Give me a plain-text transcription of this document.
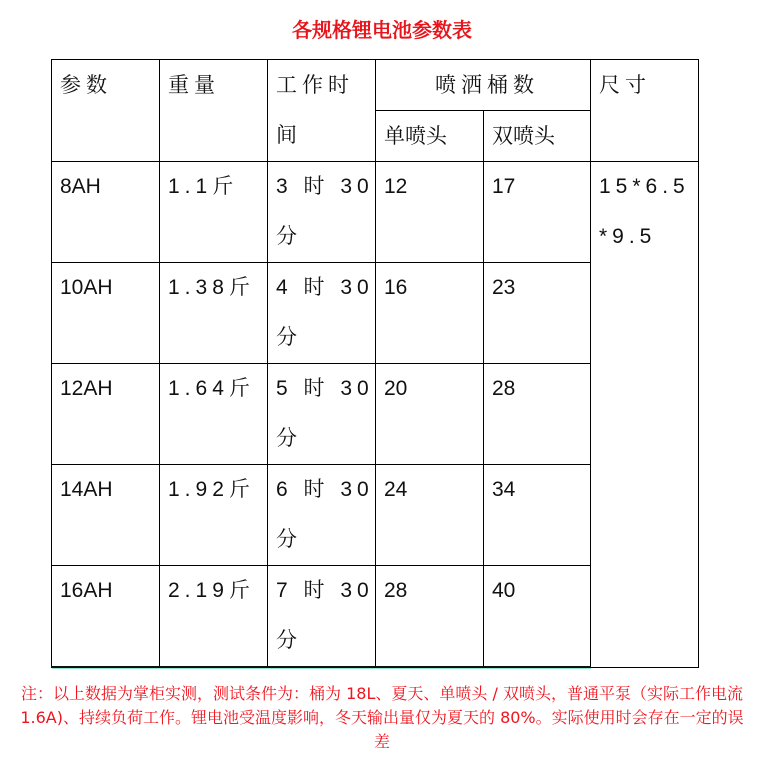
各规格锂电池参数表
参数	重量	工作时间	喷洒桶数		尺寸
			单喷头	双喷头	
8AH	1.1斤	3 时 30 分	12	17	15*6.5*9.5
10AH	1.38斤	4 时 30 分	16	23	
12AH	1.64斤	5 时 30 分	20	28	
14AH	1.92斤	6 时 30 分	24	34	
16AH	2.19斤	7 时 30 分	28	40	
注：以上数据为掌柜实测，测试条件为：桶为 18L、夏天、单喷头 / 双喷头，普通平泵（实际工作电流 1.6A)、持续负荷工作。锂电池受温度影响，冬天输出量仅为夏天的 80%。实际使用时会存在一定的误差
